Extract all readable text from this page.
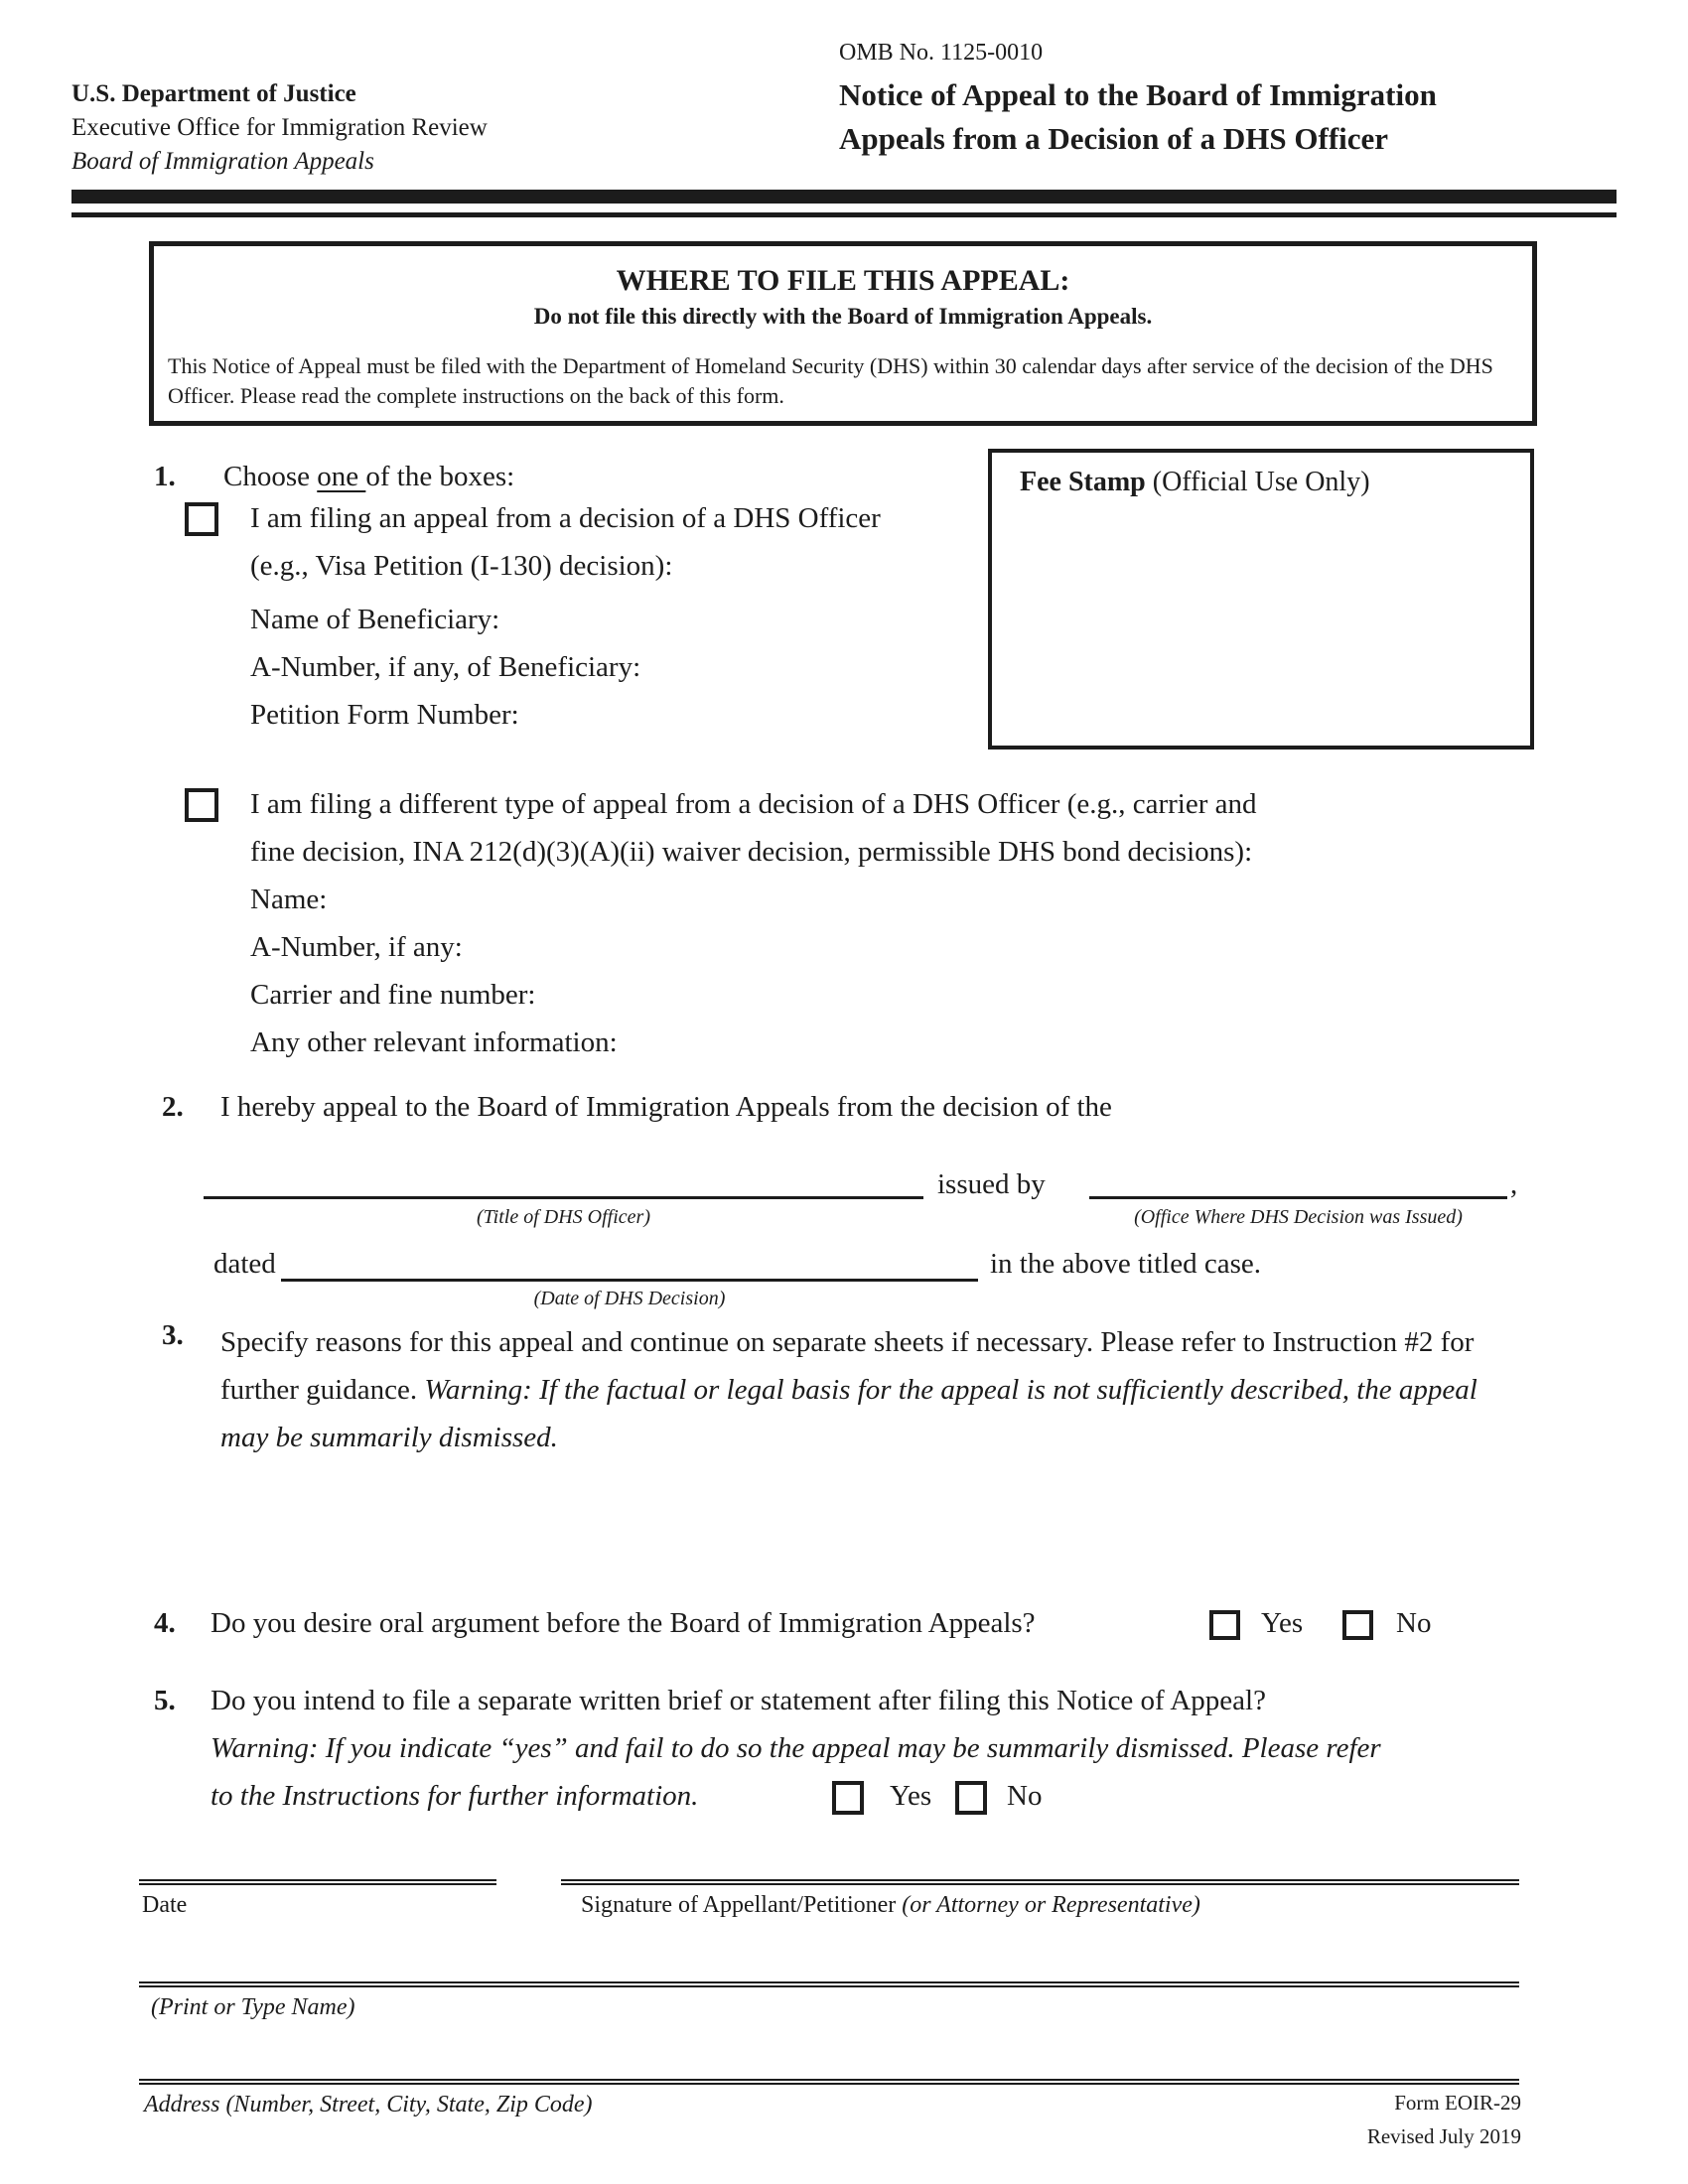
U.S. Department of Justice
Executive Office for Immigration Review
Board of Immigration Appeals
OMB No. 1125-0010
Notice of Appeal to the Board of Immigration
Appeals from a Decision of a DHS Officer
WHERE TO FILE THIS APPEAL:
Do not file this directly with the Board of Immigration Appeals.
This Notice of Appeal must be filed with the Department of Homeland Security (DHS) within 30 calendar days after service of the decision of the DHS Officer. Please read the complete instructions on the back of this form.
1. Choose one of the boxes:
I am filing an appeal from a decision of a DHS Officer
(e.g., Visa Petition (I-130) decision):
Name of Beneficiary:
A-Number, if any, of Beneficiary:
Petition Form Number:
Fee Stamp (Official Use Only)
I am filing a different type of appeal from a decision of a DHS Officer (e.g., carrier and
fine decision, INA 212(d)(3)(A)(ii) waiver decision, permissible DHS bond decisions):
Name:
A-Number, if any:
Carrier and fine number:
Any other relevant information:
2. I hereby appeal to the Board of Immigration Appeals from the decision of the
issued by	,
(Title of DHS Officer)	(Office Where DHS Decision was Issued)
dated	in the above titled case.
(Date of DHS Decision)
3. Specify reasons for this appeal and continue on separate sheets if necessary. Please refer to Instruction #2 for further guidance. Warning: If the factual or legal basis for the appeal is not sufficiently described, the appeal may be summarily dismissed.
4. Do you desire oral argument before the Board of Immigration Appeals?	Yes	No
5. Do you intend to file a separate written brief or statement after filing this Notice of Appeal?
Warning: If you indicate “yes” and fail to do so the appeal may be summarily dismissed. Please refer
to the Instructions for further information.	Yes	No
Date	Signature of Appellant/Petitioner (or Attorney or Representative)
(Print or Type Name)
Address (Number, Street, City, State, Zip Code)	Form EOIR-29
Revised July 2019
